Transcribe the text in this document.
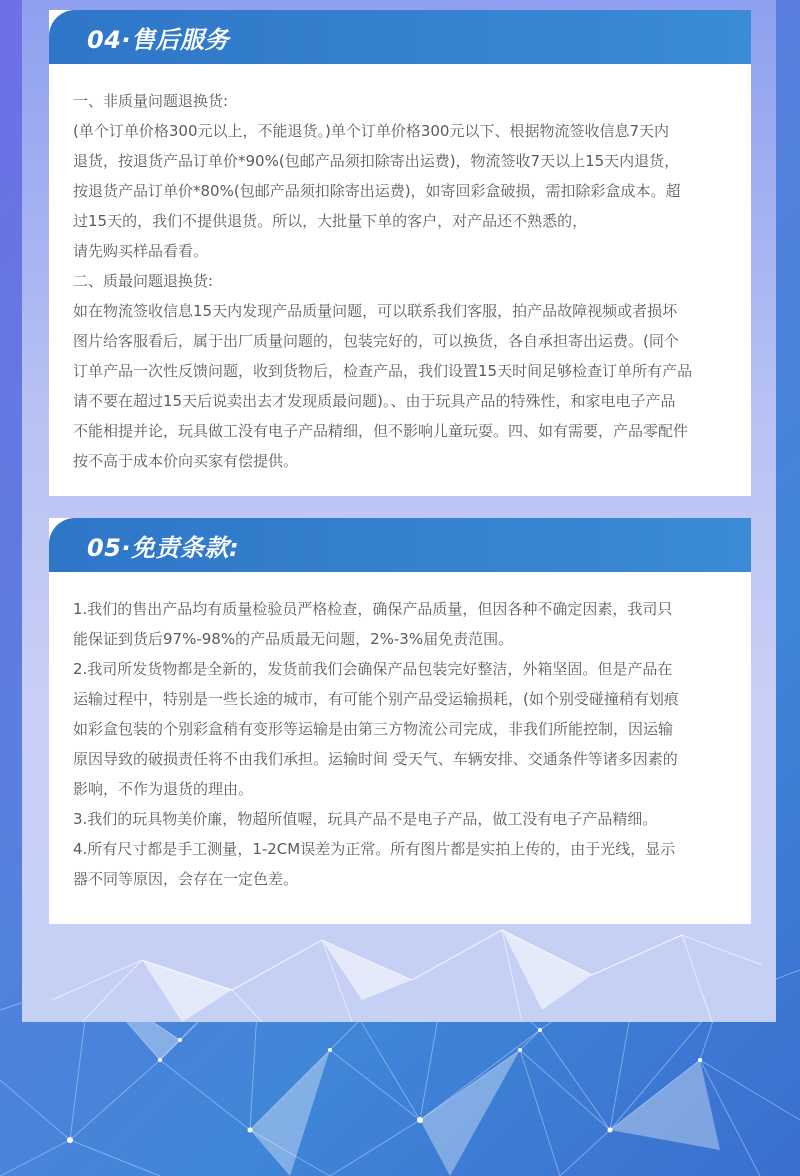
04·售后服务
一、非质量问题退换货:
(单个订单价格300元以上，不能退货。)单个订单价格300元以下、根据物流签收信息7天内
退货，按退货产品订单价*90%(包邮产品须扣除寄出运费)，物流签收7天以上15天内退货，
按退货产品订单价*80%(包邮产品须扣除寄出运费)，如寄回彩盒破损，需扣除彩盒成本。超
过15天的，我们不提供退货。所以，大批量下单的客户，对产品还不熟悉的，
请先购买样品看看。
二、质最问题退换货:
如在物流签收信息15天内发现产品质量问题，可以联系我们客服，拍产品故障视频或者损坏
图片给客服看后，属于出厂质量问题的，包装完好的，可以换货，各自承担寄出运费。(同个
订单产品一次性反馈问题，收到货物后，检查产品，我们设置15天时间足够检查订单所有产品
请不要在超过15天后说卖出去才发现质最问题)。、由于玩具产品的特殊性，和家电电子产品
不能相提并论，玩具做工没有电子产品精细，但不影响儿童玩耍。四、如有需要，产品零配件
按不高于成本价向买家有偿提供。
05·免责条款:
1.我们的售出产品均有质量检验员严格检查，确保产品质量，但因各种不确定因素，我司只
能保证到货后97%-98%的产品质最无问题，2%-3%届免责范围。
2.我司所发货物都是全新的，发货前我们会确保产品包装完好整洁，外箱坚固。但是产品在
运输过程中，特别是一些长途的城市，有可能个别产品受运输损耗，(如个别受碰撞稍有划痕
如彩盒包装的个别彩盒稍有变形等运输是由第三方物流公司完成，非我们所能控制，因运输
原因导致的破损责任将不由我们承担。运输时间 受天气、车辆安排、交通条件等诸多因素的
影响，不作为退货的理由。
3.我们的玩具物美价廉，物超所值喔，玩具产品不是电子产品，做工没有电子产品精细。
4.所有尺寸都是手工测量，1-2CM误差为正常。所有图片都是实拍上传的，由于光线，显示
器不同等原因，会存在一定色差。
